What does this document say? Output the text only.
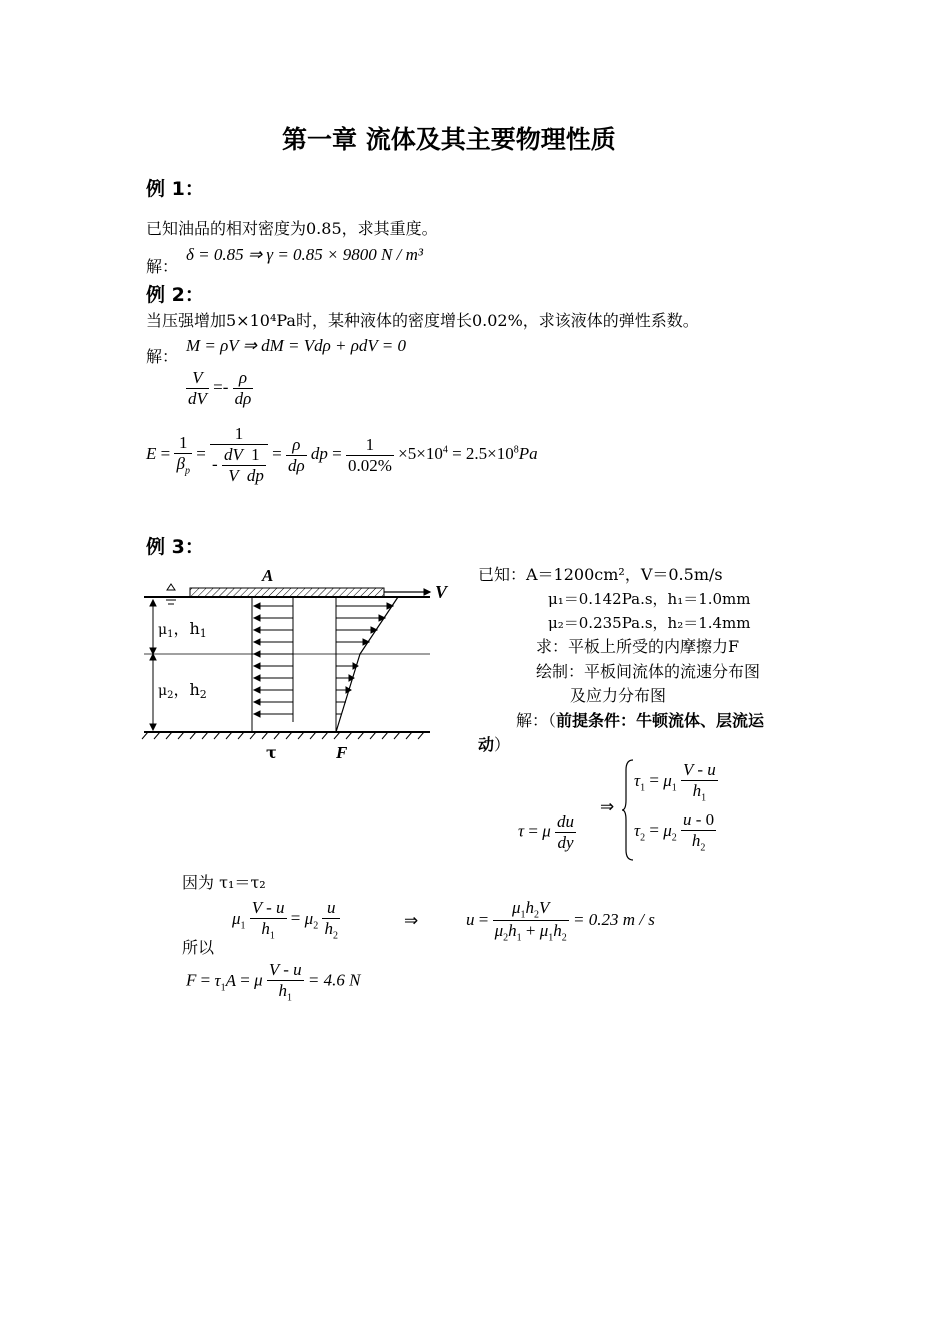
第一章 流体及其主要物理性质
例 1：
已知油品的相对密度为0.85，求其重度。
解：
δ = 0.85 ⇒ γ = 0.85 × 9800 N / m³
例 2：
当压强增加5×10⁴Pa时，某种液体的密度增长0.02%，求该液体的弹性系数。
解：
M = ρV ⇒ dM = Vdρ + ρdV = 0
$\frac{V}{dV} =- \frac{\rho}{d\rho}$
$E = \frac{1}{\beta_p} = \frac{1}{- \frac{dV}{V} \frac{1}{dp}} = \frac{\rho}{d\rho}$ dp = $\frac{1}{0.02\%} \times 5\times 10^4 = 2.5\times 10^8Pa$
例 3：
A
V
$\mu_1$，$h_1$
$\mu_2$，$h_2$
τ	F
已知：A＝1200cm²，V＝0.5m/s
μ₁＝0.142Pa.s，h₁＝1.0mm
μ₂＝0.235Pa.s，h₂＝1.4mm
求：平板上所受的内摩擦力F
绘制：平板间流体的流速分布图
及应力分布图
解：（前提条件：牛顿流体、层流运
动）
τ = μ $\frac{du}{dy}$
⇒
$\tau_1 = \mu_1 \frac{V - u}{h_1}$
$\tau_2 = \mu_2 \frac{u - 0}{h_2}$
因为 τ₁＝τ₂
$\mu_1 \frac{V - u}{h_1} = \mu_2 \frac{u}{h_2}$	⇒	$u = \frac{\mu_1h_2V}{\mu_2h_1 + \mu_1h_2} = 0.23$ m / s
所以
$F = \tau_1A = \mu \frac{V - u}{h_1} = 4.6$ N
